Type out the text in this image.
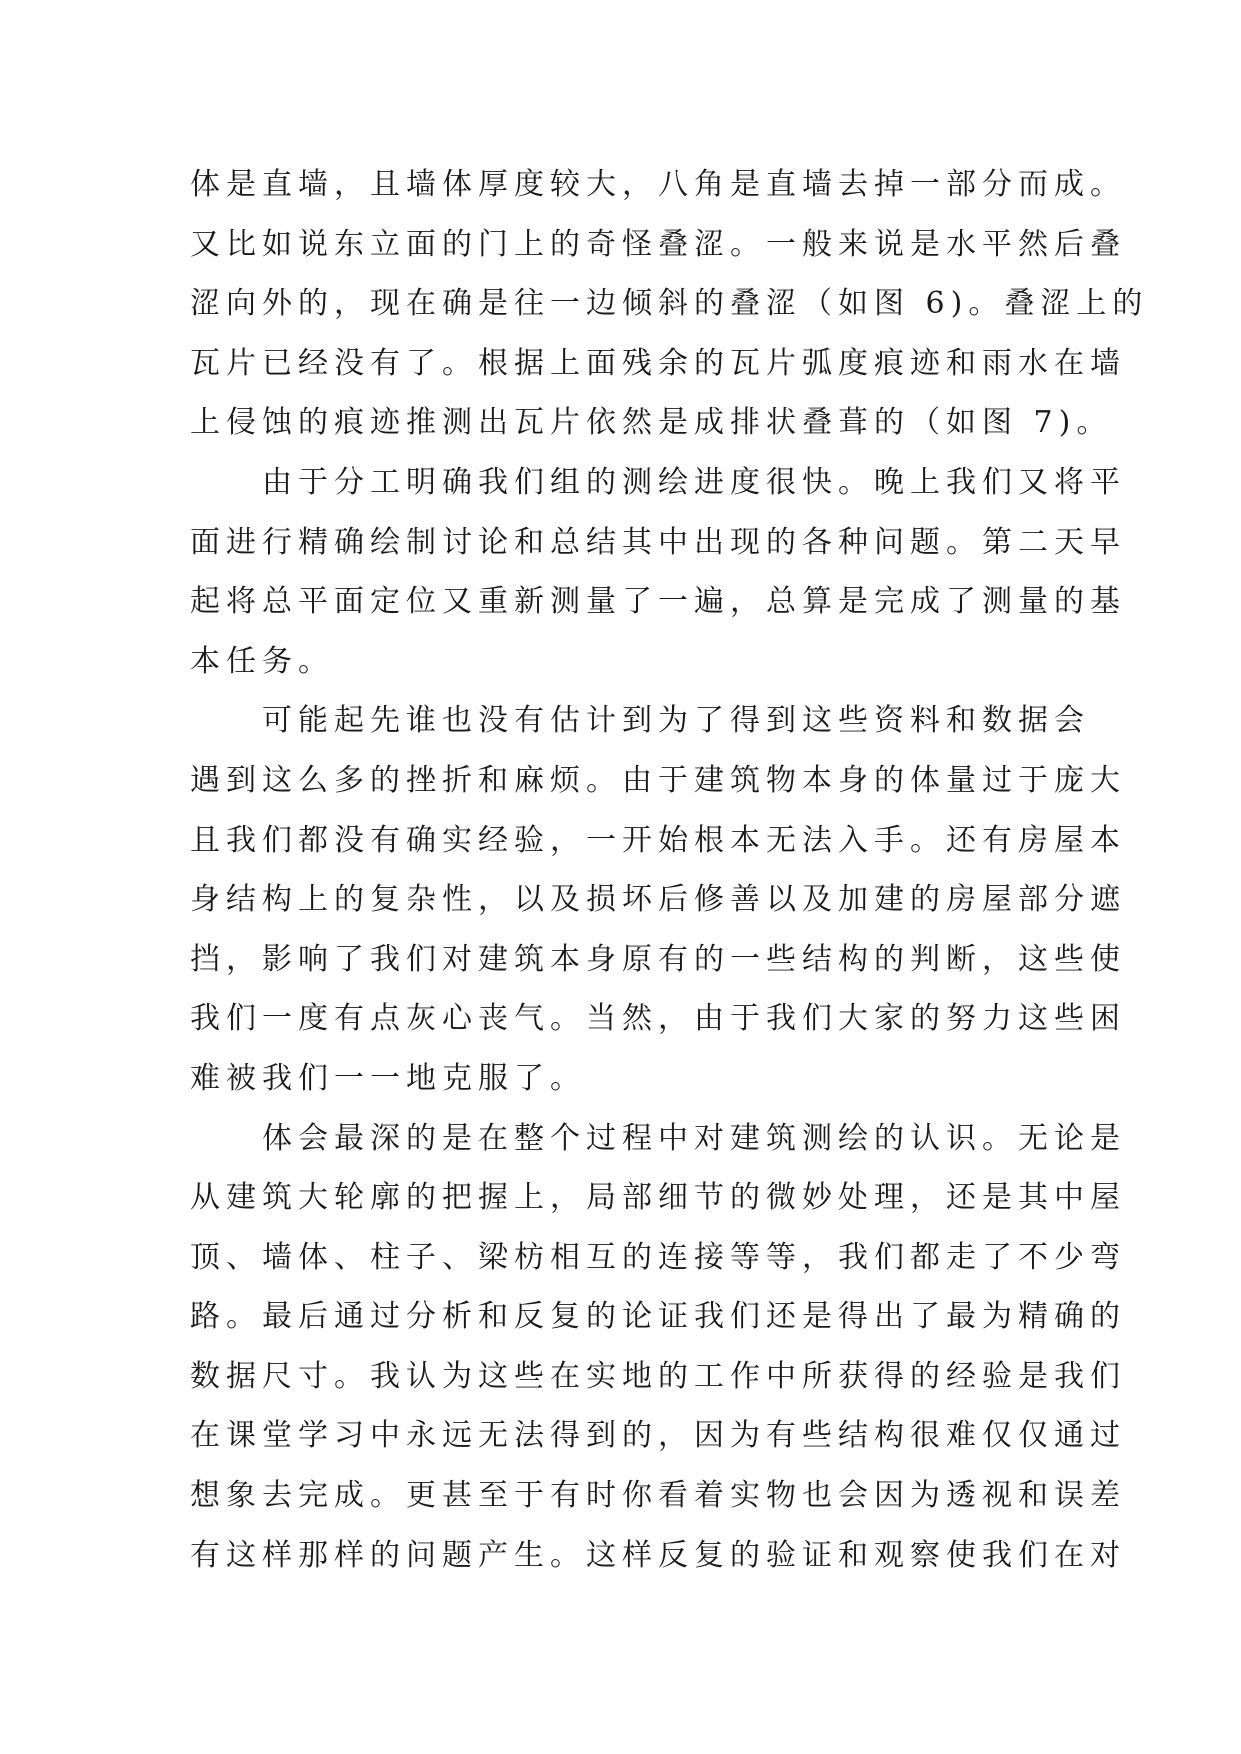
体是直墙，且墙体厚度较大，八角是直墙去掉一部分而成。
又比如说东立面的门上的奇怪叠涩。一般来说是水平然后叠
涩向外的，现在确是往一边倾斜的叠涩（如图 6)。叠涩上的
瓦片已经没有了。根据上面残余的瓦片弧度痕迹和雨水在墙
上侵蚀的痕迹推测出瓦片依然是成排状叠葺的（如图 7)。
由于分工明确我们组的测绘进度很快。晚上我们又将平
面进行精确绘制讨论和总结其中出现的各种问题。第二天早
起将总平面定位又重新测量了一遍，总算是完成了测量的基
本任务。
可能起先谁也没有估计到为了得到这些资料和数据会
遇到这么多的挫折和麻烦。由于建筑物本身的体量过于庞大
且我们都没有确实经验，一开始根本无法入手。还有房屋本
身结构上的复杂性，以及损坏后修善以及加建的房屋部分遮
挡，影响了我们对建筑本身原有的一些结构的判断，这些使
我们一度有点灰心丧气。当然，由于我们大家的努力这些困
难被我们一一地克服了。
体会最深的是在整个过程中对建筑测绘的认识。无论是
从建筑大轮廓的把握上，局部细节的微妙处理，还是其中屋
顶、墙体、柱子、梁枋相互的连接等等，我们都走了不少弯
路。最后通过分析和反复的论证我们还是得出了最为精确的
数据尺寸。我认为这些在实地的工作中所获得的经验是我们
在课堂学习中永远无法得到的，因为有些结构很难仅仅通过
想象去完成。更甚至于有时你看着实物也会因为透视和误差
有这样那样的问题产生。这样反复的验证和观察使我们在对
